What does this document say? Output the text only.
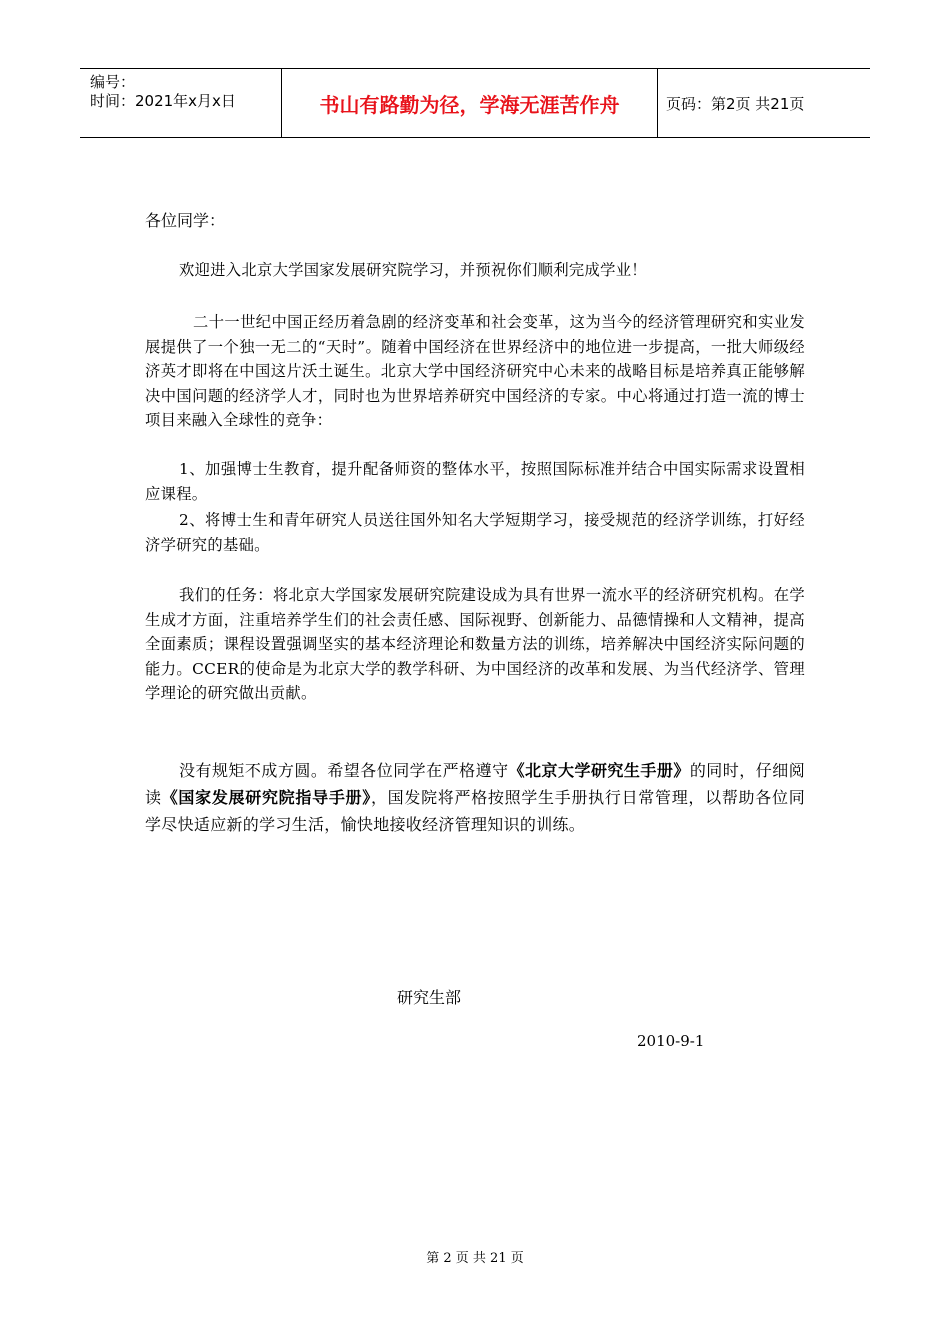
编号：
时间：2021年x月x日	书山有路勤为径，学海无涯苦作舟	页码：第2页 共21页
各位同学：
欢迎进入北京大学国家发展研究院学习，并预祝你们顺利完成学业！
二十一世纪中国正经历着急剧的经济变革和社会变革，这为当今的经济管理研究和实业发展提供了一个独一无二的“天时”。随着中国经济在世界经济中的地位进一步提高，一批大师级经济英才即将在中国这片沃土诞生。北京大学中国经济研究中心未来的战略目标是培养真正能够解决中国问题的经济学人才，同时也为世界培养研究中国经济的专家。中心将通过打造一流的博士项目来融入全球性的竞争：
1、加强博士生教育，提升配备师资的整体水平，按照国际标准并结合中国实际需求设置相应课程。
2、将博士生和青年研究人员送往国外知名大学短期学习，接受规范的经济学训练，打好经济学研究的基础。
我们的任务：将北京大学国家发展研究院建设成为具有世界一流水平的经济研究机构。在学生成才方面，注重培养学生们的社会责任感、国际视野、创新能力、品德情操和人文精神，提高全面素质；课程设置强调坚实的基本经济理论和数量方法的训练，培养解决中国经济实际问题的能力。CCER的使命是为北京大学的教学科研、为中国经济的改革和发展、为当代经济学、管理学理论的研究做出贡献。
没有规矩不成方圆。希望各位同学在严格遵守《北京大学研究生手册》的同时，仔细阅读《国家发展研究院指导手册》，国发院将严格按照学生手册执行日常管理，以帮助各位同学尽快适应新的学习生活，愉快地接收经济管理知识的训练。
研究生部
2010-9-1
第 2 页 共 21 页
